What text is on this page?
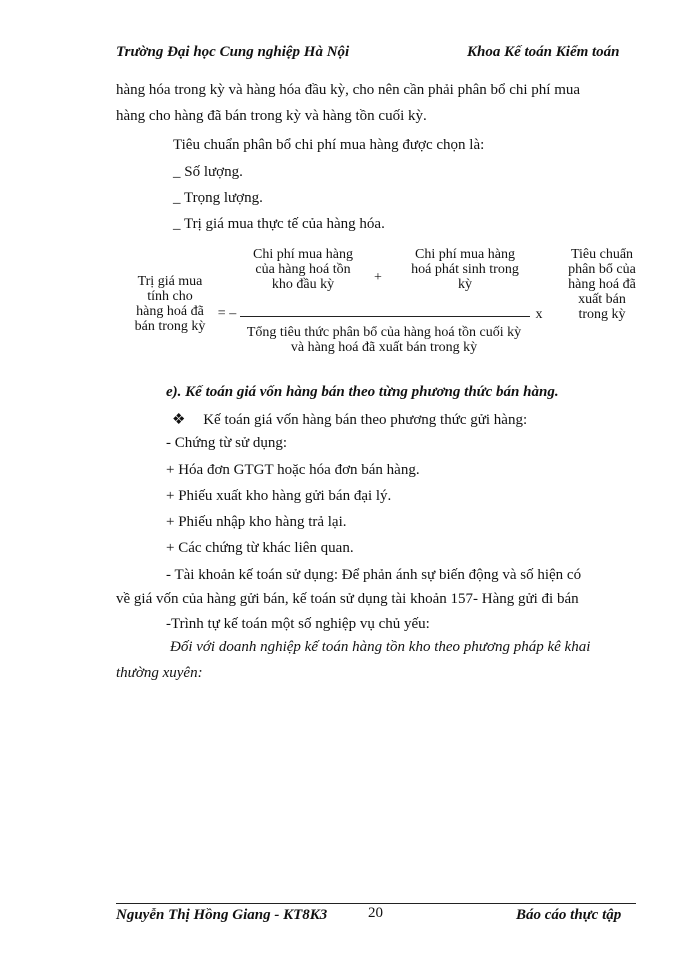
Trường Đại học Cung nghiệp Hà Nội	Khoa Kế toán Kiểm toán
hàng hóa trong kỳ và hàng hóa đầu kỳ, cho nên cần phải phân bổ chi phí mua
hàng cho hàng đã bán trong kỳ và hàng tồn cuối kỳ.
Tiêu chuẩn phân bổ chi phí mua hàng được chọn là:
_ Số lượng.
_ Trọng lượng.
_ Trị giá mua thực tế của hàng hóa.
Trị giá mua tính cho hàng hoá đã bán trong kỳ
= –
Chi phí mua hàng của hàng hoá tồn kho đầu kỳ	+
Chi phí mua hàng hoá phát sinh trong kỳ
Tổng tiêu thức phân bổ của hàng hoá tồn cuối kỳ và hàng hoá đã xuất bán trong kỳ
x
Tiêu chuẩn phân bổ của hàng hoá đã xuất bán trong kỳ
e). Kế toán giá vốn hàng bán theo từng phương thức bán hàng.
❖ Kế toán giá vốn hàng bán theo phương thức gửi hàng:
- Chứng từ sử dụng:
+ Hóa đơn GTGT hoặc hóa đơn bán hàng.
+ Phiếu xuất kho hàng gửi bán đại lý.
+ Phiếu nhập kho hàng trả lại.
+ Các chứng từ khác liên quan.
- Tài khoản kế toán sử dụng: Để phản ánh sự biến động và số hiện có
về giá vốn của hàng gửi bán, kế toán sử dụng tài khoản 157- Hàng gửi đi bán
-Trình tự kế toán một số nghiệp vụ chủ yếu:
Đối với doanh nghiệp kế toán hàng tồn kho theo phương pháp kê khai
thường xuyên:
Nguyễn Thị Hồng Giang - KT8K3	20	Báo cáo thực tập
